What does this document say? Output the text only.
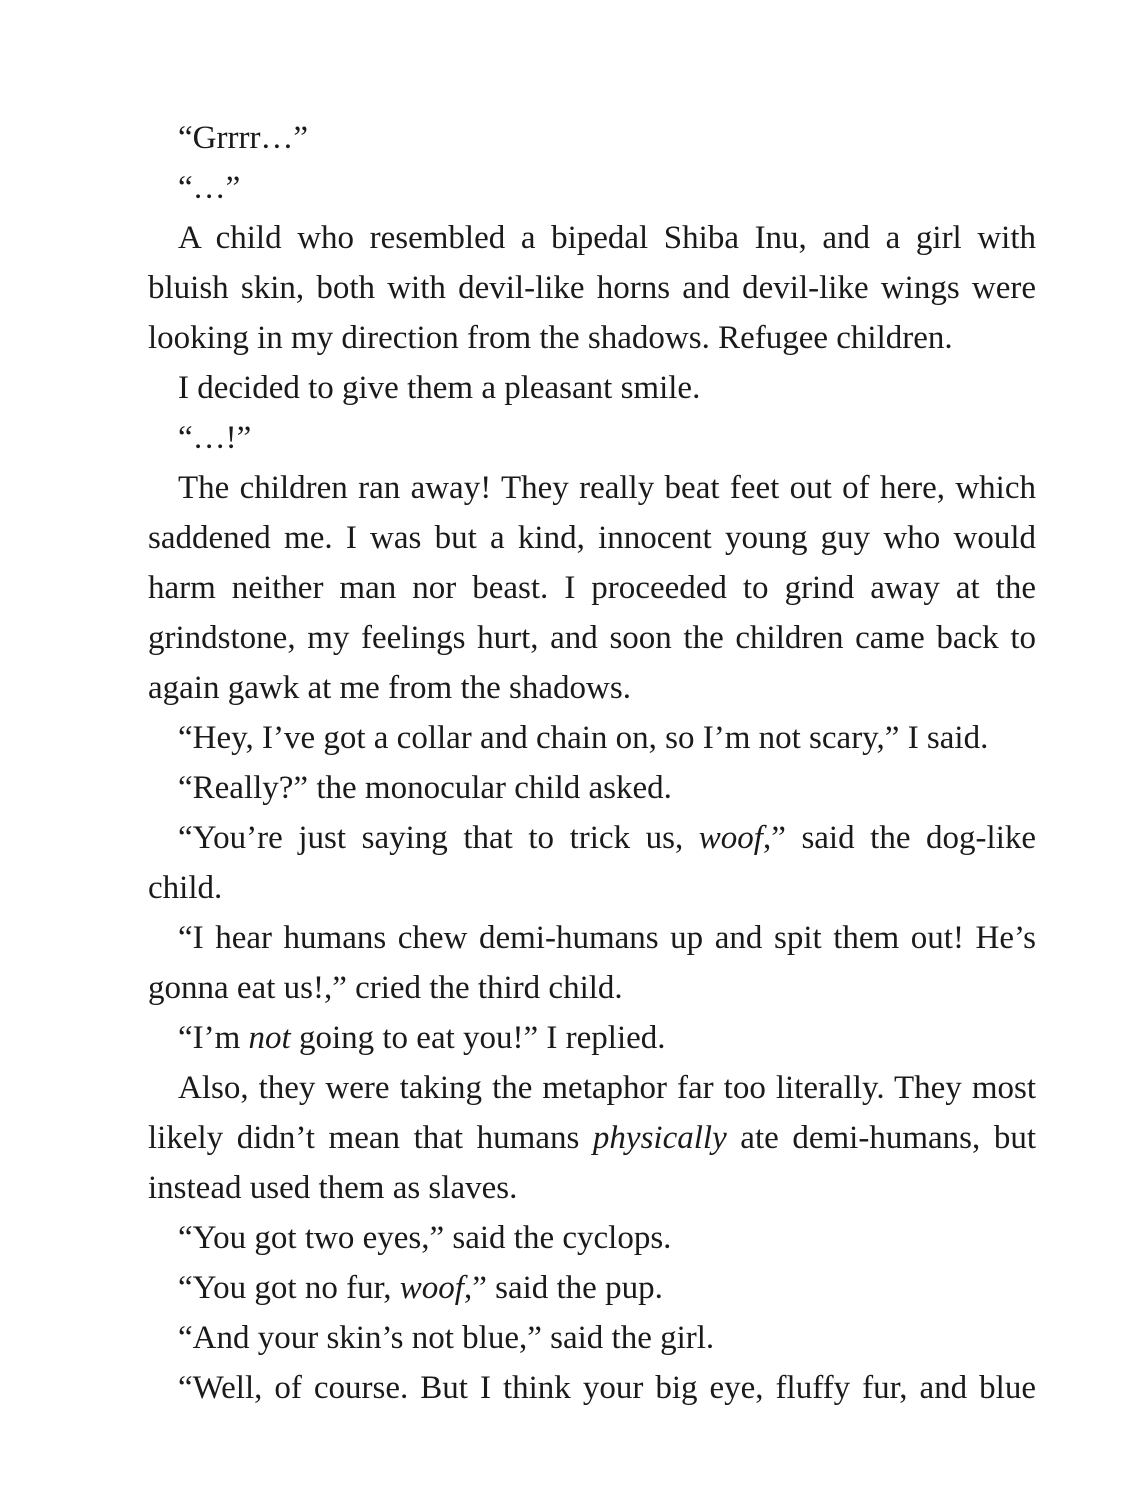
“Grrrr…”

“…”

A child who resembled a bipedal Shiba Inu, and a girl with bluish skin, both with devil-like horns and devil-like wings were looking in my direction from the shadows. Refugee children.

I decided to give them a pleasant smile.

“…!”

The children ran away! They really beat feet out of here, which saddened me. I was but a kind, innocent young guy who would harm neither man nor beast. I proceeded to grind away at the grindstone, my feelings hurt, and soon the children came back to again gawk at me from the shadows.

“Hey, I’ve got a collar and chain on, so I’m not scary,” I said.

“Really?” the monocular child asked.

“You’re just saying that to trick us, woof,” said the dog-like child.

“I hear humans chew demi-humans up and spit them out! He’s gonna eat us!,” cried the third child.

“I’m not going to eat you!” I replied.

Also, they were taking the metaphor far too literally. They most likely didn’t mean that humans physically ate demi-humans, but instead used them as slaves.

“You got two eyes,” said the cyclops.

“You got no fur, woof,” said the pup.

“And your skin’s not blue,” said the girl.

“Well, of course. But I think your big eye, fluffy fur, and blue
